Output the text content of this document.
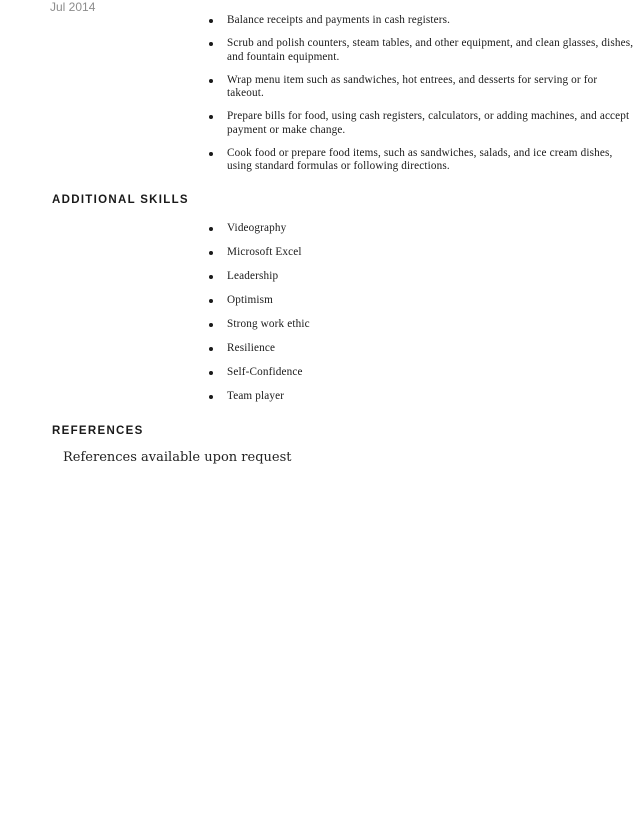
Jul 2014
Balance receipts and payments in cash registers.
Scrub and polish counters, steam tables, and other equipment, and clean glasses, dishes, and fountain equipment.
Wrap menu item such as sandwiches, hot entrees, and desserts for serving or for takeout.
Prepare bills for food, using cash registers, calculators, or adding machines, and accept payment or make change.
Cook food or prepare food items, such as sandwiches, salads, and ice cream dishes, using standard formulas or following directions.
ADDITIONAL SKILLS
Videography
Microsoft Excel
Leadership
Optimism
Strong work ethic
Resilience
Self-Confidence
Team player
REFERENCES

References available upon request
